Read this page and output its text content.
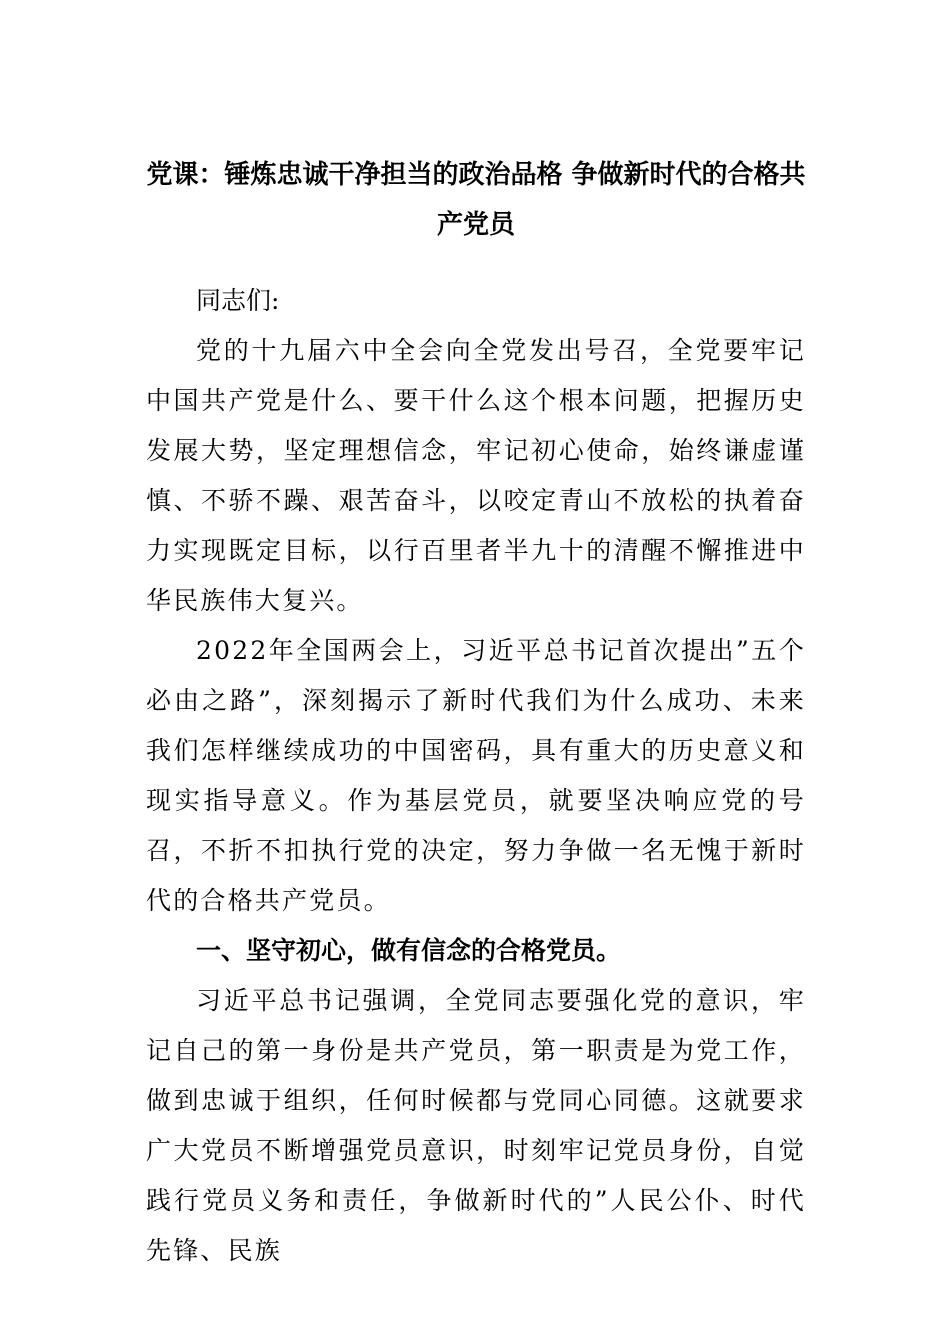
党课：锤炼忠诚干净担当的政治品格 争做新时代的合格共产党员

同志们:

党的十九届六中全会向全党发出号召，全党要牢记中国共产党是什么、要干什么这个根本问题，把握历史发展大势，坚定理想信念，牢记初心使命，始终谦虚谨慎、不骄不躁、艰苦奋斗，以咬定青山不放松的执着奋力实现既定目标，以行百里者半九十的清醒不懈推进中华民族伟大复兴。

2022年全国两会上，习近平总书记首次提出”五个必由之路”，深刻揭示了新时代我们为什么成功、未来我们怎样继续成功的中国密码，具有重大的历史意义和现实指导意义。作为基层党员，就要坚决响应党的号召，不折不扣执行党的决定，努力争做一名无愧于新时代的合格共产党员。

一、坚守初心，做有信念的合格党员。

习近平总书记强调，全党同志要强化党的意识，牢记自己的第一身份是共产党员，第一职责是为党工作，做到忠诚于组织，任何时候都与党同心同德。这就要求广大党员不断增强党员意识，时刻牢记党员身份，自觉践行党员义务和责任，争做新时代的”人民公仆、时代先锋、民族
